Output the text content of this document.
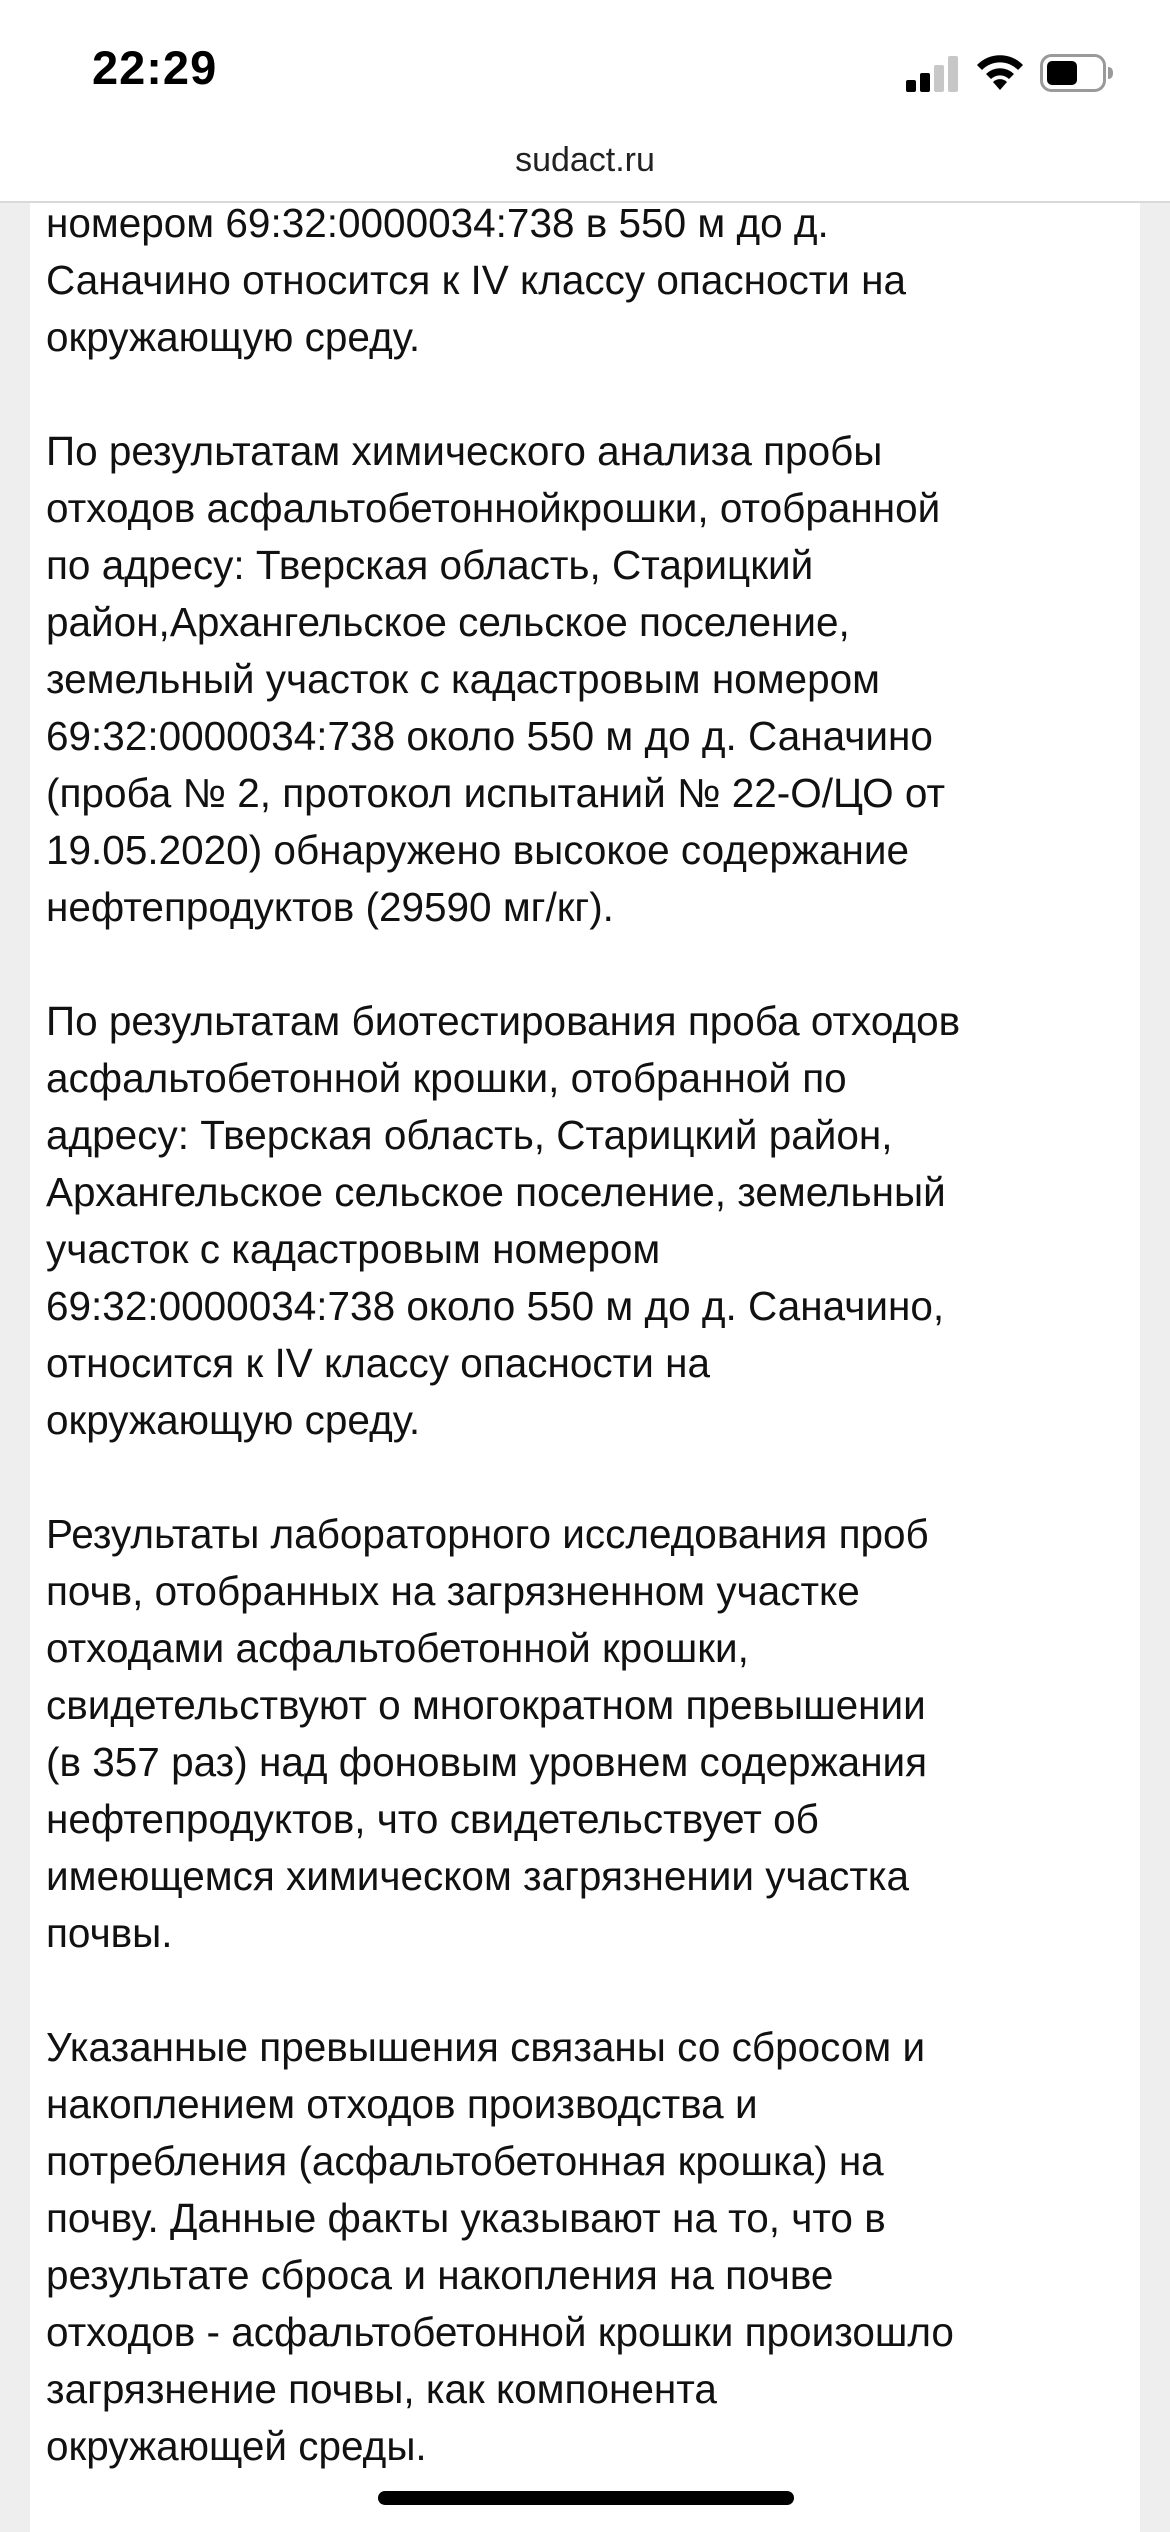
22:29
sudact.ru

номером 69:32:0000034:738 в 550 м до д.
Саначино относится к IV классу опасности на
окружающую среду.

По результатам химического анализа пробы
отходов асфальтобетоннойкрошки, отобранной
по адресу: Тверская область, Старицкий
район,Архангельское сельское поселение,
земельный участок с кадастровым номером
69:32:0000034:738 около 550 м до д. Саначино
(проба № 2, протокол испытаний № 22-О/ЦО от
19.05.2020) обнаружено высокое содержание
нефтепродуктов (29590 мг/кг).

По результатам биотестирования проба отходов
асфальтобетонной крошки, отобранной по
адресу: Тверская область, Старицкий район,
Архангельское сельское поселение, земельный
участок с кадастровым номером
69:32:0000034:738 около 550 м до д. Саначино,
относится к IV классу опасности на
окружающую среду.

Результаты лабораторного исследования проб
почв, отобранных на загрязненном участке
отходами асфальтобетонной крошки,
свидетельствуют о многократном превышении
(в 357 раз) над фоновым уровнем содержания
нефтепродуктов, что свидетельствует об
имеющемся химическом загрязнении участка
почвы.

Указанные превышения связаны со сбросом и
накоплением отходов производства и
потребления (асфальтобетонная крошка) на
почву. Данные факты указывают на то, что в
результате сброса и накопления на почве
отходов - асфальтобетонной крошки произошло
загрязнение почвы, как компонента
окружающей среды.
